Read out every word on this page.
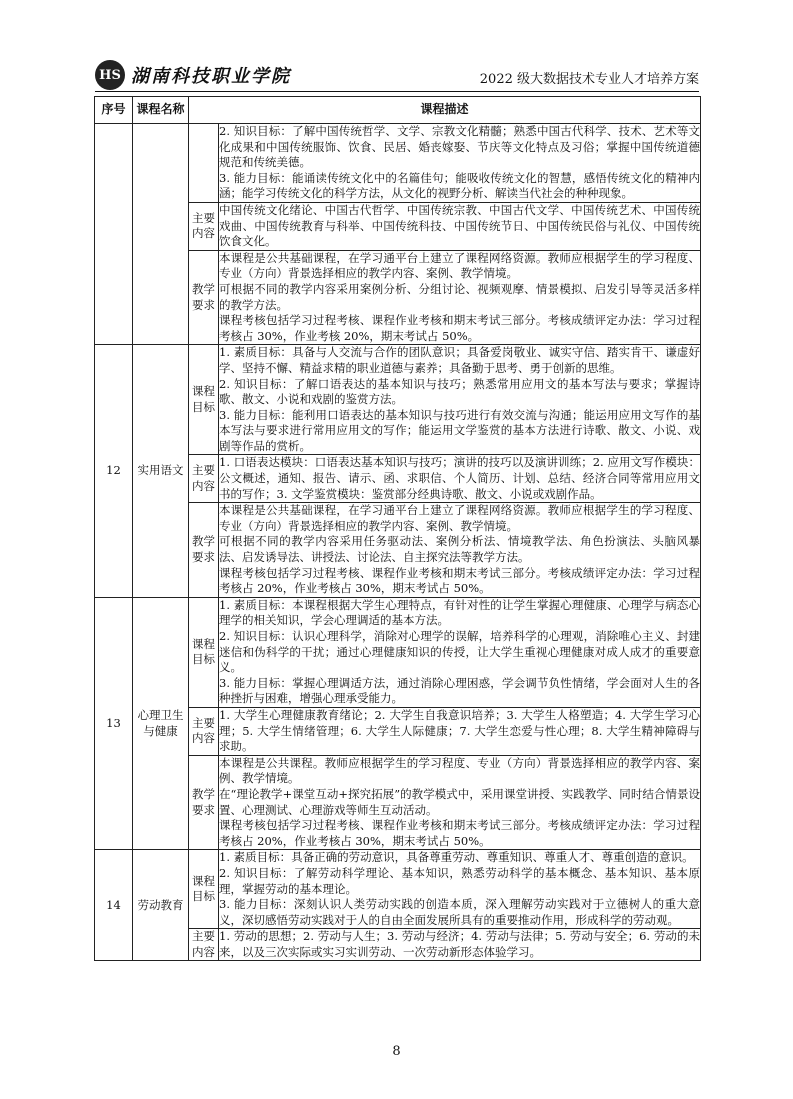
HS 湖南科技职业学院	2022 级大数据技术专业人才培养方案
序号	课程名称	课程描述	

			2. 知识目标：了解中国传统哲学、文学、宗教文化精髓；熟悉中国古代科学、技术、艺术等文化成果和中国传统服饰、饮食、民居、婚丧嫁娶、节庆等文化特点及习俗；掌握中国传统道德规范和传统美德。

3. 能力目标：能诵读传统文化中的名篇佳句；能吸收传统文化的智慧，感悟传统文化的精神内涵；能学习传统文化的科学方法，从文化的视野分析、解读当代社会的种种现象。

		主要内容	中国传统文化绪论、中国古代哲学、中国传统宗教、中国古代文学、中国传统艺术、中国传统戏曲、中国传统教育与科举、中国传统科技、中国传统节日、中国传统民俗与礼仪、中国传统饮食文化。

		教学要求	本课程是公共基础课程，在学习通平台上建立了课程网络资源。教师应根据学生的学习程度、专业（方向）背景选择相应的教学内容、案例、教学情境。

可根据不同的教学内容采用案例分析、分组讨论、视频观摩、情景模拟、启发引导等灵活多样的教学方法。

课程考核包括学习过程考核、课程作业考核和期末考试三部分。考核成绩评定办法：学习过程考核占 30%，作业考核 20%，期末考试占 50%。

12	实用语文	课程目标	1. 素质目标：具备与人交流与合作的团队意识；具备爱岗敬业、诚实守信、踏实肯干、谦虚好学、坚持不懈、精益求精的职业道德与素养；具备勤于思考、勇于创新的思维。

2. 知识目标：了解口语表达的基本知识与技巧；熟悉常用应用文的基本写法与要求；掌握诗歌、散文、小说和戏剧的鉴赏方法。

3. 能力目标：能利用口语表达的基本知识与技巧进行有效交流与沟通；能运用应用文写作的基本写法与要求进行常用应用文的写作；能运用文学鉴赏的基本方法进行诗歌、散文、小说、戏剧等作品的赏析。

		主要内容	1. 口语表达模块：口语表达基本知识与技巧；演讲的技巧以及演讲训练；2. 应用文写作模块：公文概述，通知、报告、请示、函、求职信、个人简历、计划、总结、经济合同等常用应用文书的写作；3. 文学鉴赏模块：鉴赏部分经典诗歌、散文、小说或戏剧作品。

		教学要求	本课程是公共基础课程，在学习通平台上建立了课程网络资源。教师应根据学生的学习程度、专业（方向）背景选择相应的教学内容、案例、教学情境。

可根据不同的教学内容采用任务驱动法、案例分析法、情境教学法、角色扮演法、头脑风暴法、启发诱导法、讲授法、讨论法、自主探究法等教学方法。

课程考核包括学习过程考核、课程作业考核和期末考试三部分。考核成绩评定办法：学习过程考核占 20%，作业考核占 30%，期末考试占 50%。

13	心理卫生与健康	课程目标	1. 素质目标：本课程根据大学生心理特点，有针对性的让学生掌握心理健康、心理学与病态心理学的相关知识，学会心理调适的基本方法。

2. 知识目标：认识心理科学，消除对心理学的误解，培养科学的心理观，消除唯心主义、封建迷信和伪科学的干扰；通过心理健康知识的传授，让大学生重视心理健康对成人成才的重要意义。

3. 能力目标：掌握心理调适方法，通过消除心理困惑，学会调节负性情绪，学会面对人生的各种挫折与困难，增强心理承受能力。

		主要内容	1. 大学生心理健康教育绪论；2. 大学生自我意识培养；3. 大学生人格塑造；4. 大学生学习心理；5. 大学生情绪管理；6. 大学生人际健康；7. 大学生恋爱与性心理；8. 大学生精神障碍与求助。

		教学要求	本课程是公共课程。教师应根据学生的学习程度、专业（方向）背景选择相应的教学内容、案例、教学情境。

在“理论教学+课堂互动+探究拓展”的教学模式中，采用课堂讲授、实践教学、同时结合情景设置、心理测试、心理游戏等师生互动活动。

课程考核包括学习过程考核、课程作业考核和期末考试三部分。考核成绩评定办法：学习过程考核占 20%，作业考核占 30%，期末考试占 50%。

14	劳动教育	课程目标	1. 素质目标：具备正确的劳动意识，具备尊重劳动、尊重知识、尊重人才、尊重创造的意识。

2. 知识目标：了解劳动科学理论、基本知识，熟悉劳动科学的基本概念、基本知识、基本原理，掌握劳动的基本理论。

3. 能力目标：深刻认识人类劳动实践的创造本质，深入理解劳动实践对于立德树人的重大意义，深切感悟劳动实践对于人的自由全面发展所具有的重要推动作用，形成科学的劳动观。

		主要内容	1. 劳动的思想；2. 劳动与人生；3. 劳动与经济；4. 劳动与法律；5. 劳动与安全；6. 劳动的未来，以及三次实际或实习实训劳动、一次劳动新形态体验学习。

8
